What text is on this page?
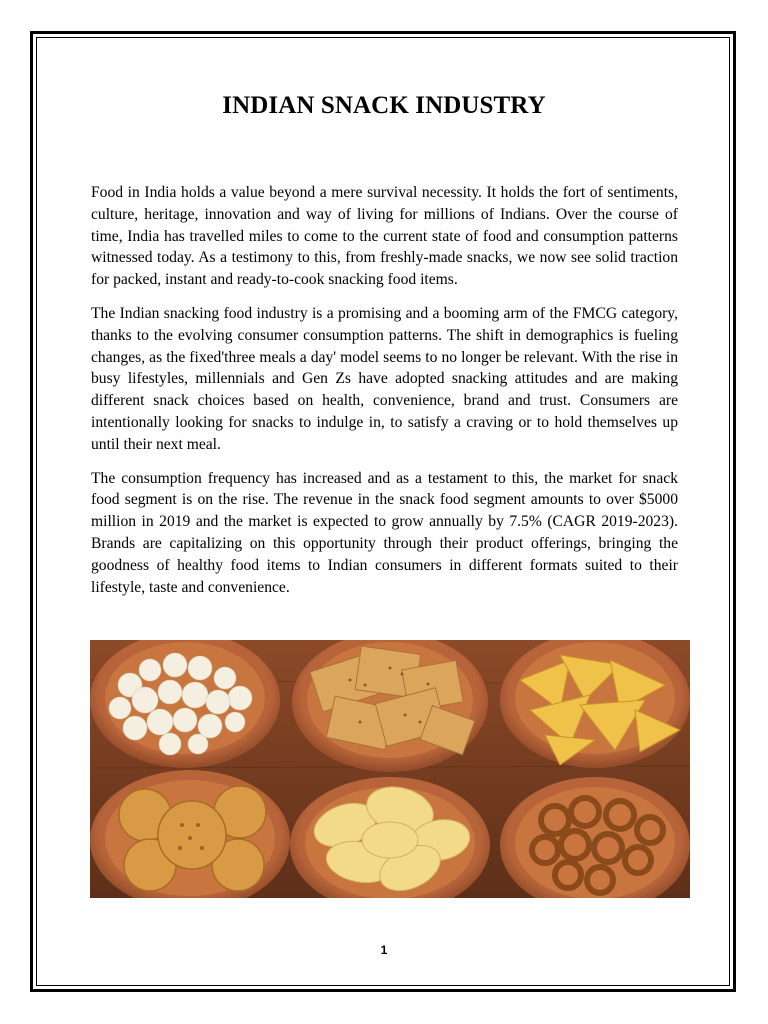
INDIAN SNACK INDUSTRY

Food in India holds a value beyond a mere survival necessity. It holds the fort of sentiments, culture, heritage, innovation and way of living for millions of Indians. Over the course of time, India has travelled miles to come to the current state of food and consumption patterns witnessed today. As a testimony to this, from freshly-made snacks, we now see solid traction for packed, instant and ready-to-cook snacking food items.

The Indian snacking food industry is a promising and a booming arm of the FMCG category, thanks to the evolving consumer consumption patterns. The shift in demographics is fueling changes, as the fixed'three meals a day' model seems to no longer be relevant. With the rise in busy lifestyles, millennials and Gen Zs have adopted snacking attitudes and are making different snack choices based on health, convenience, brand and trust. Consumers are intentionally looking for snacks to indulge in, to satisfy a craving or to hold themselves up until their next meal.

The consumption frequency has increased and as a testament to this, the market for snack food segment is on the rise. The revenue in the snack food segment amounts to over $5000 million in 2019 and the market is expected to grow annually by 7.5% (CAGR 2019-2023). Brands are capitalizing on this opportunity through their product offerings, bringing the goodness of healthy food items to Indian consumers in different formats suited to their lifestyle, taste and convenience.

1
